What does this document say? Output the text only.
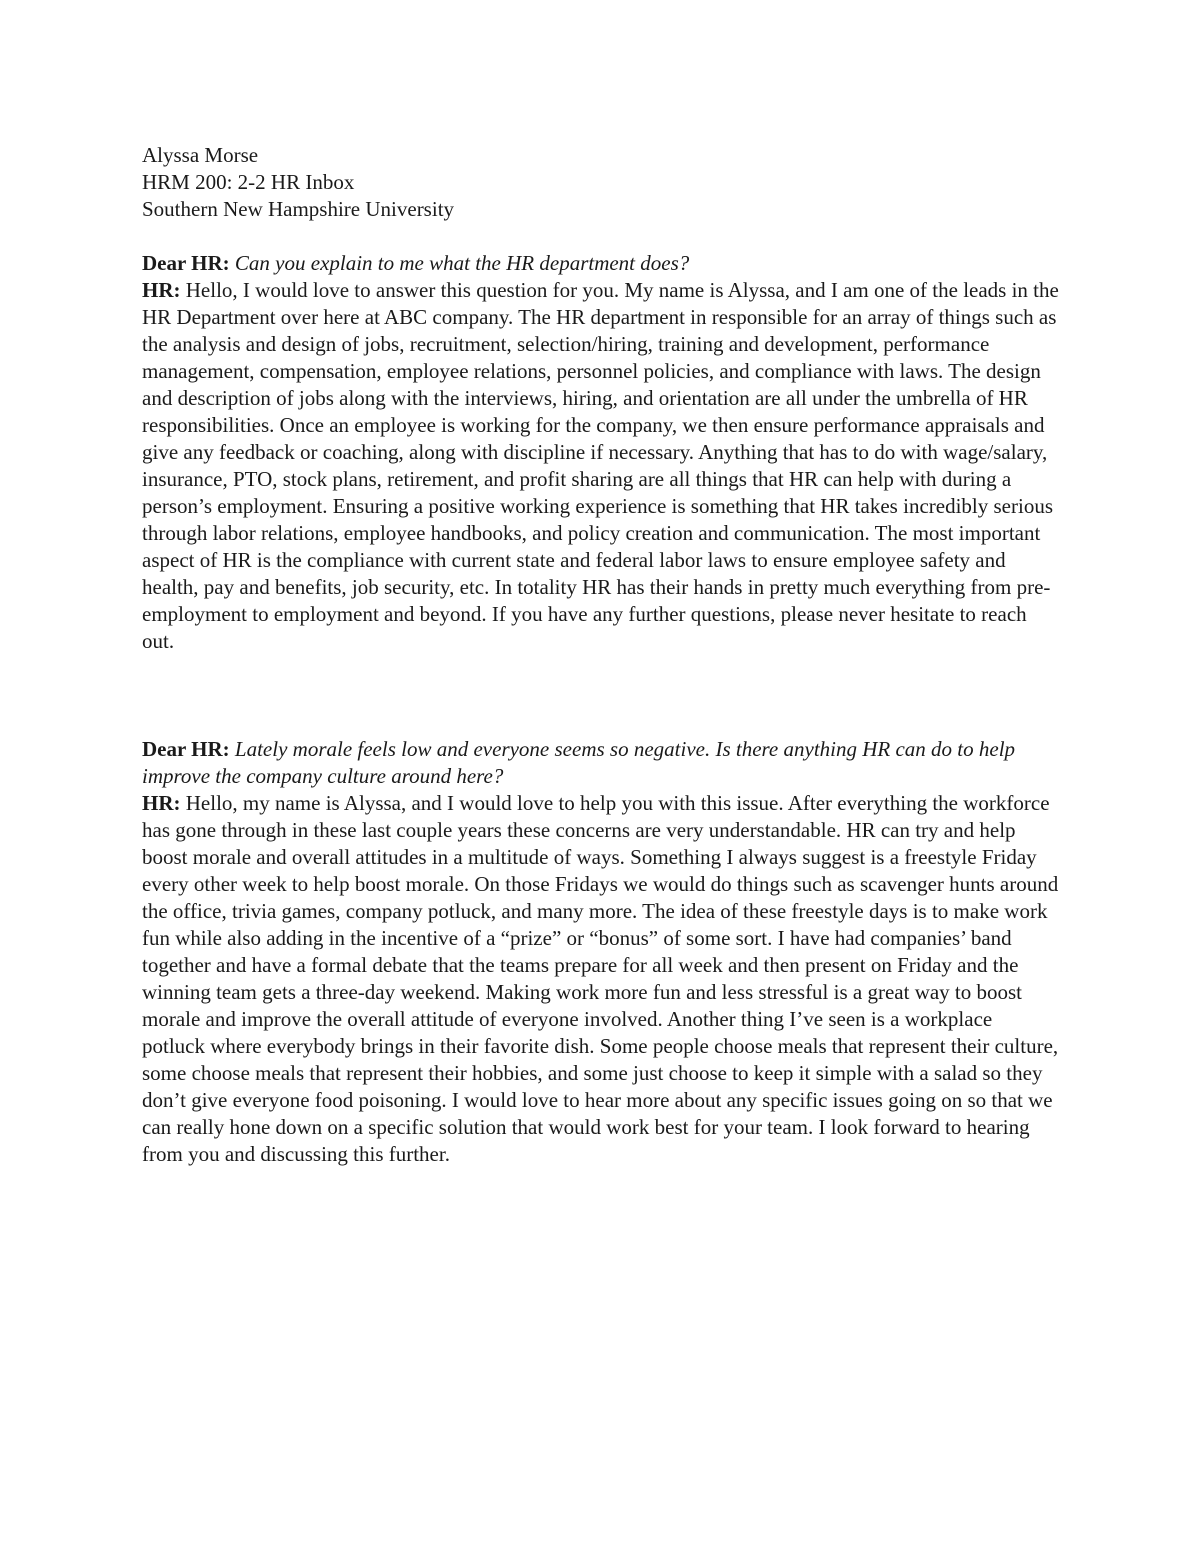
Alyssa Morse
HRM 200: 2-2 HR Inbox
Southern New Hampshire University

Dear HR: Can you explain to me what the HR department does?

HR: Hello, I would love to answer this question for you. My name is Alyssa, and I am one of the leads in the HR Department over here at ABC company. The HR department in responsible for an array of things such as the analysis and design of jobs, recruitment, selection/hiring, training and development, performance management, compensation, employee relations, personnel policies, and compliance with laws. The design and description of jobs along with the interviews, hiring, and orientation are all under the umbrella of HR responsibilities. Once an employee is working for the company, we then ensure performance appraisals and give any feedback or coaching, along with discipline if necessary. Anything that has to do with wage/salary, insurance, PTO, stock plans, retirement, and profit sharing are all things that HR can help with during a person’s employment. Ensuring a positive working experience is something that HR takes incredibly serious through labor relations, employee handbooks, and policy creation and communication. The most important aspect of HR is the compliance with current state and federal labor laws to ensure employee safety and health, pay and benefits, job security, etc. In totality HR has their hands in pretty much everything from pre-employment to employment and beyond. If you have any further questions, please never hesitate to reach out.

Dear HR: Lately morale feels low and everyone seems so negative. Is there anything HR can do to help improve the company culture around here?

HR: Hello, my name is Alyssa, and I would love to help you with this issue. After everything the workforce has gone through in these last couple years these concerns are very understandable. HR can try and help boost morale and overall attitudes in a multitude of ways. Something I always suggest is a freestyle Friday every other week to help boost morale. On those Fridays we would do things such as scavenger hunts around the office, trivia games, company potluck, and many more. The idea of these freestyle days is to make work fun while also adding in the incentive of a “prize” or “bonus” of some sort. I have had companies’ band together and have a formal debate that the teams prepare for all week and then present on Friday and the winning team gets a three-day weekend. Making work more fun and less stressful is a great way to boost morale and improve the overall attitude of everyone involved. Another thing I’ve seen is a workplace potluck where everybody brings in their favorite dish. Some people choose meals that represent their culture, some choose meals that represent their hobbies, and some just choose to keep it simple with a salad so they don’t give everyone food poisoning. I would love to hear more about any specific issues going on so that we can really hone down on a specific solution that would work best for your team. I look forward to hearing from you and discussing this further.
